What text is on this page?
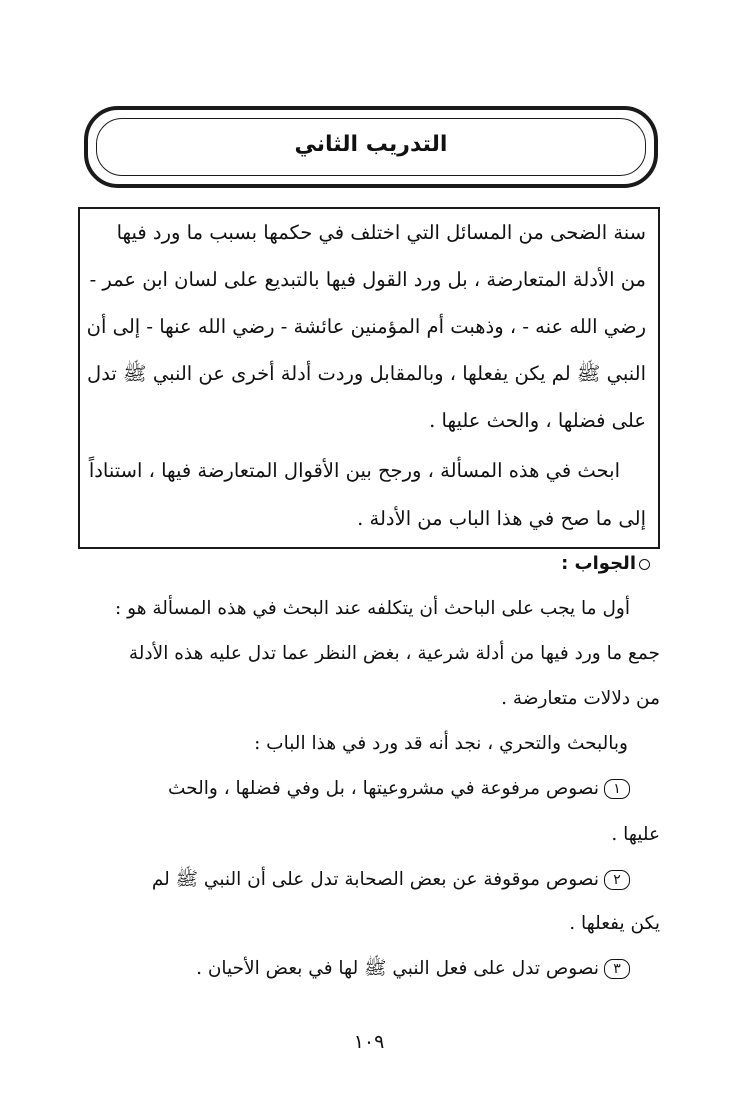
التدريب الثاني
سنة الضحى من المسائل التي اختلف في حكمها بسبب ما ورد فيها
من الأدلة المتعارضة ، بل ورد القول فيها بالتبديع على لسان ابن عمر -
رضي الله عنه - ، وذهبت أم المؤمنين عائشة - رضي الله عنها - إلى أن
النبي ﷺ لم يكن يفعلها ، وبالمقابل وردت أدلة أخرى عن النبي ﷺ تدل
على فضلها ، والحث عليها .
ابحث في هذه المسألة ، ورجح بين الأقوال المتعارضة فيها ، استناداً
إلى ما صح في هذا الباب من الأدلة .
الجواب :
أول ما يجب على الباحث أن يتكلفه عند البحث في هذه المسألة هو :
جمع ما ورد فيها من أدلة شرعية ، بغض النظر عما تدل عليه هذه الأدلة
من دلالات متعارضة .
وبالبحث والتحري ، نجد أنه قد ورد في هذا الباب :
١نصوص مرفوعة في مشروعيتها ، بل وفي فضلها ، والحث
عليها .
٢نصوص موقوفة عن بعض الصحابة تدل على أن النبي ﷺ لم
يكن يفعلها .
٣نصوص تدل على فعل النبي ﷺ لها في بعض الأحيان .
١٠٩
